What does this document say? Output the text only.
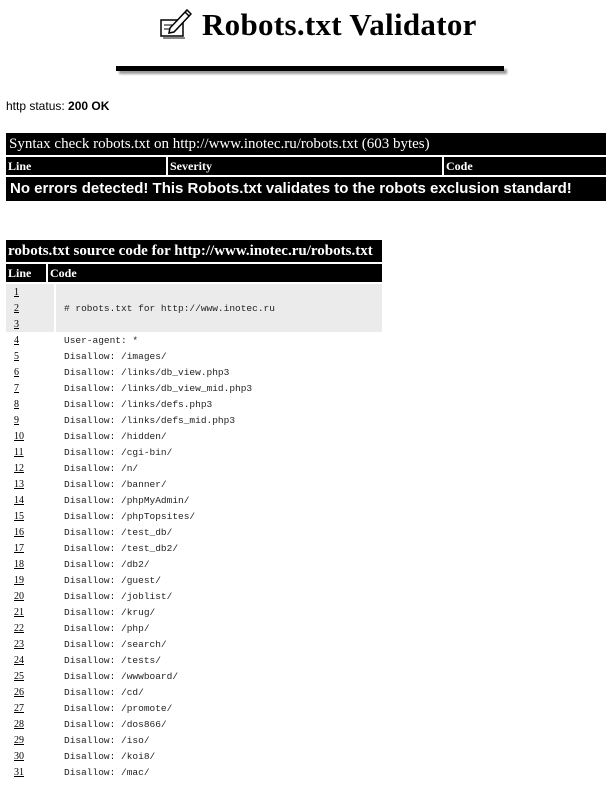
Robots.txt Validator
http status: 200 OK
Syntax check robots.txt on http://www.inotec.ru/robots.txt (603 bytes)
Line	Severity	Code
No errors detected! This Robots.txt validates to the robots exclusion standard!
robots.txt source code for http://www.inotec.ru/robots.txt
Line	Code
1	
2	# robots.txt for http://www.inotec.ru
3	
4	User-agent: *
5	Disallow: /images/
6	Disallow: /links/db_view.php3
7	Disallow: /links/db_view_mid.php3
8	Disallow: /links/defs.php3
9	Disallow: /links/defs_mid.php3
10	Disallow: /hidden/
11	Disallow: /cgi-bin/
12	Disallow: /n/
13	Disallow: /banner/
14	Disallow: /phpMyAdmin/
15	Disallow: /phpTopsites/
16	Disallow: /test_db/
17	Disallow: /test_db2/
18	Disallow: /db2/
19	Disallow: /guest/
20	Disallow: /joblist/
21	Disallow: /krug/
22	Disallow: /php/
23	Disallow: /search/
24	Disallow: /tests/
25	Disallow: /wwwboard/
26	Disallow: /cd/
27	Disallow: /promote/
28	Disallow: /dos866/
29	Disallow: /iso/
30	Disallow: /koi8/
31	Disallow: /mac/
